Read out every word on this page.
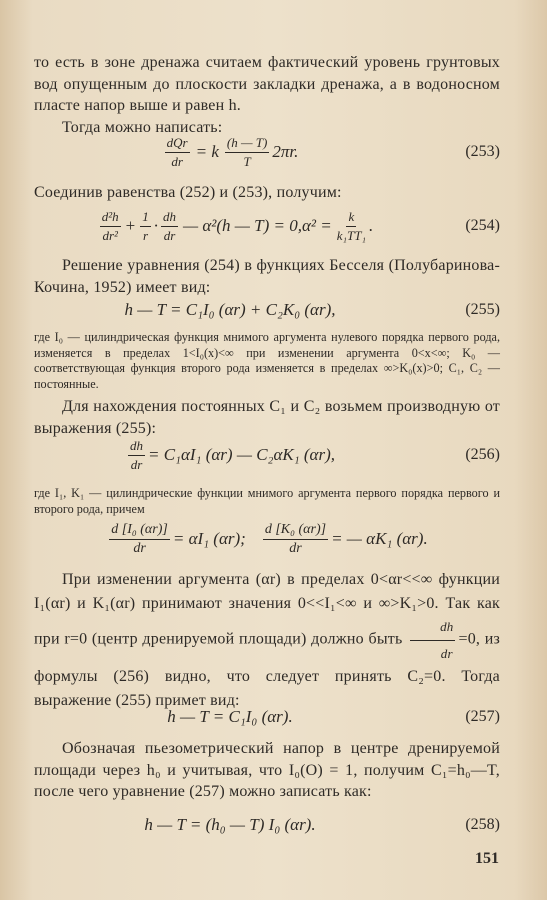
то есть в зоне дренажа считаем фактический уровень грунтовых вод опущенным до плоскости закладки дренажа, а в водоносном пласте напор выше и равен h.

Тогда можно написать:

$\frac{\text{dQr}}{dr} = k \frac{(h — T)}{T} 2\pi r$.	(253)

Соединив равенства (252) и (253), получим:

$\frac{\text{d²h}}{\text{dr²}} + \frac{1}{r} \cdot \frac{dh}{dr}$ — α²(h — $T) = 0,\alpha^2 = \frac{k}{\text{k₁TT₁}}$ .	(254)

Решение уравнения (254) в функциях Бесселя (Полубаринова-Кочина, 1952) имеет вид:

h — T = C₁I₀ (αr) + C₂K₀ (αr),	(255)

где I₀ — цилиндрическая функция мнимого аргумента нулевого порядка первого рода, изменяется в пределах 1<I₀(x)<∞ при изменении аргумента 0<x<∞; K₀ — соответствующая функция второго рода изменяется в пределах ∞>K₀(x)>0; C₁, C₂ — постоянные.

Для нахождения постоянных C₁ и C₂ возьмем производную от выражения (255):

$\frac{dh}{dr} = C_1\alpha I_1$ (αr) — C₂αK₁ (αr),	(256)

где I₁, K₁ — цилиндрические функции мнимого аргумента первого порядка первого и второго рода, причем

$\frac{\text{d [I₀ (αr)]}}{dr} = \alpha I_1$ (αr); $\frac{\text{d [K₀ (αr)]}}{dr}$ = — αK₁ (αr).

При изменении аргумента (αr) в пределах 0<αr<<∞ функции I₁(αr) и K₁(αr) принимают значения 0<<I₁<∞ и ∞>K₁>0. Так как при r=0 (центр дренируемой площади) должно быть $\frac{dh}{dr} =0$, из формулы (256) видно, что следует принять C₂=0. Тогда выражение (255) примет вид:

h — T = C₁I₀ (αr).	(257)

Обозначая пьезометрический напор в центре дренируемой площади через h₀ и учитывая, что I₀(O) = 1, получим C₁=h₀—T, после чего уравнение (257) можно записать как:

h — T = (h₀ — T) I₀ (αr).	(258)
151
